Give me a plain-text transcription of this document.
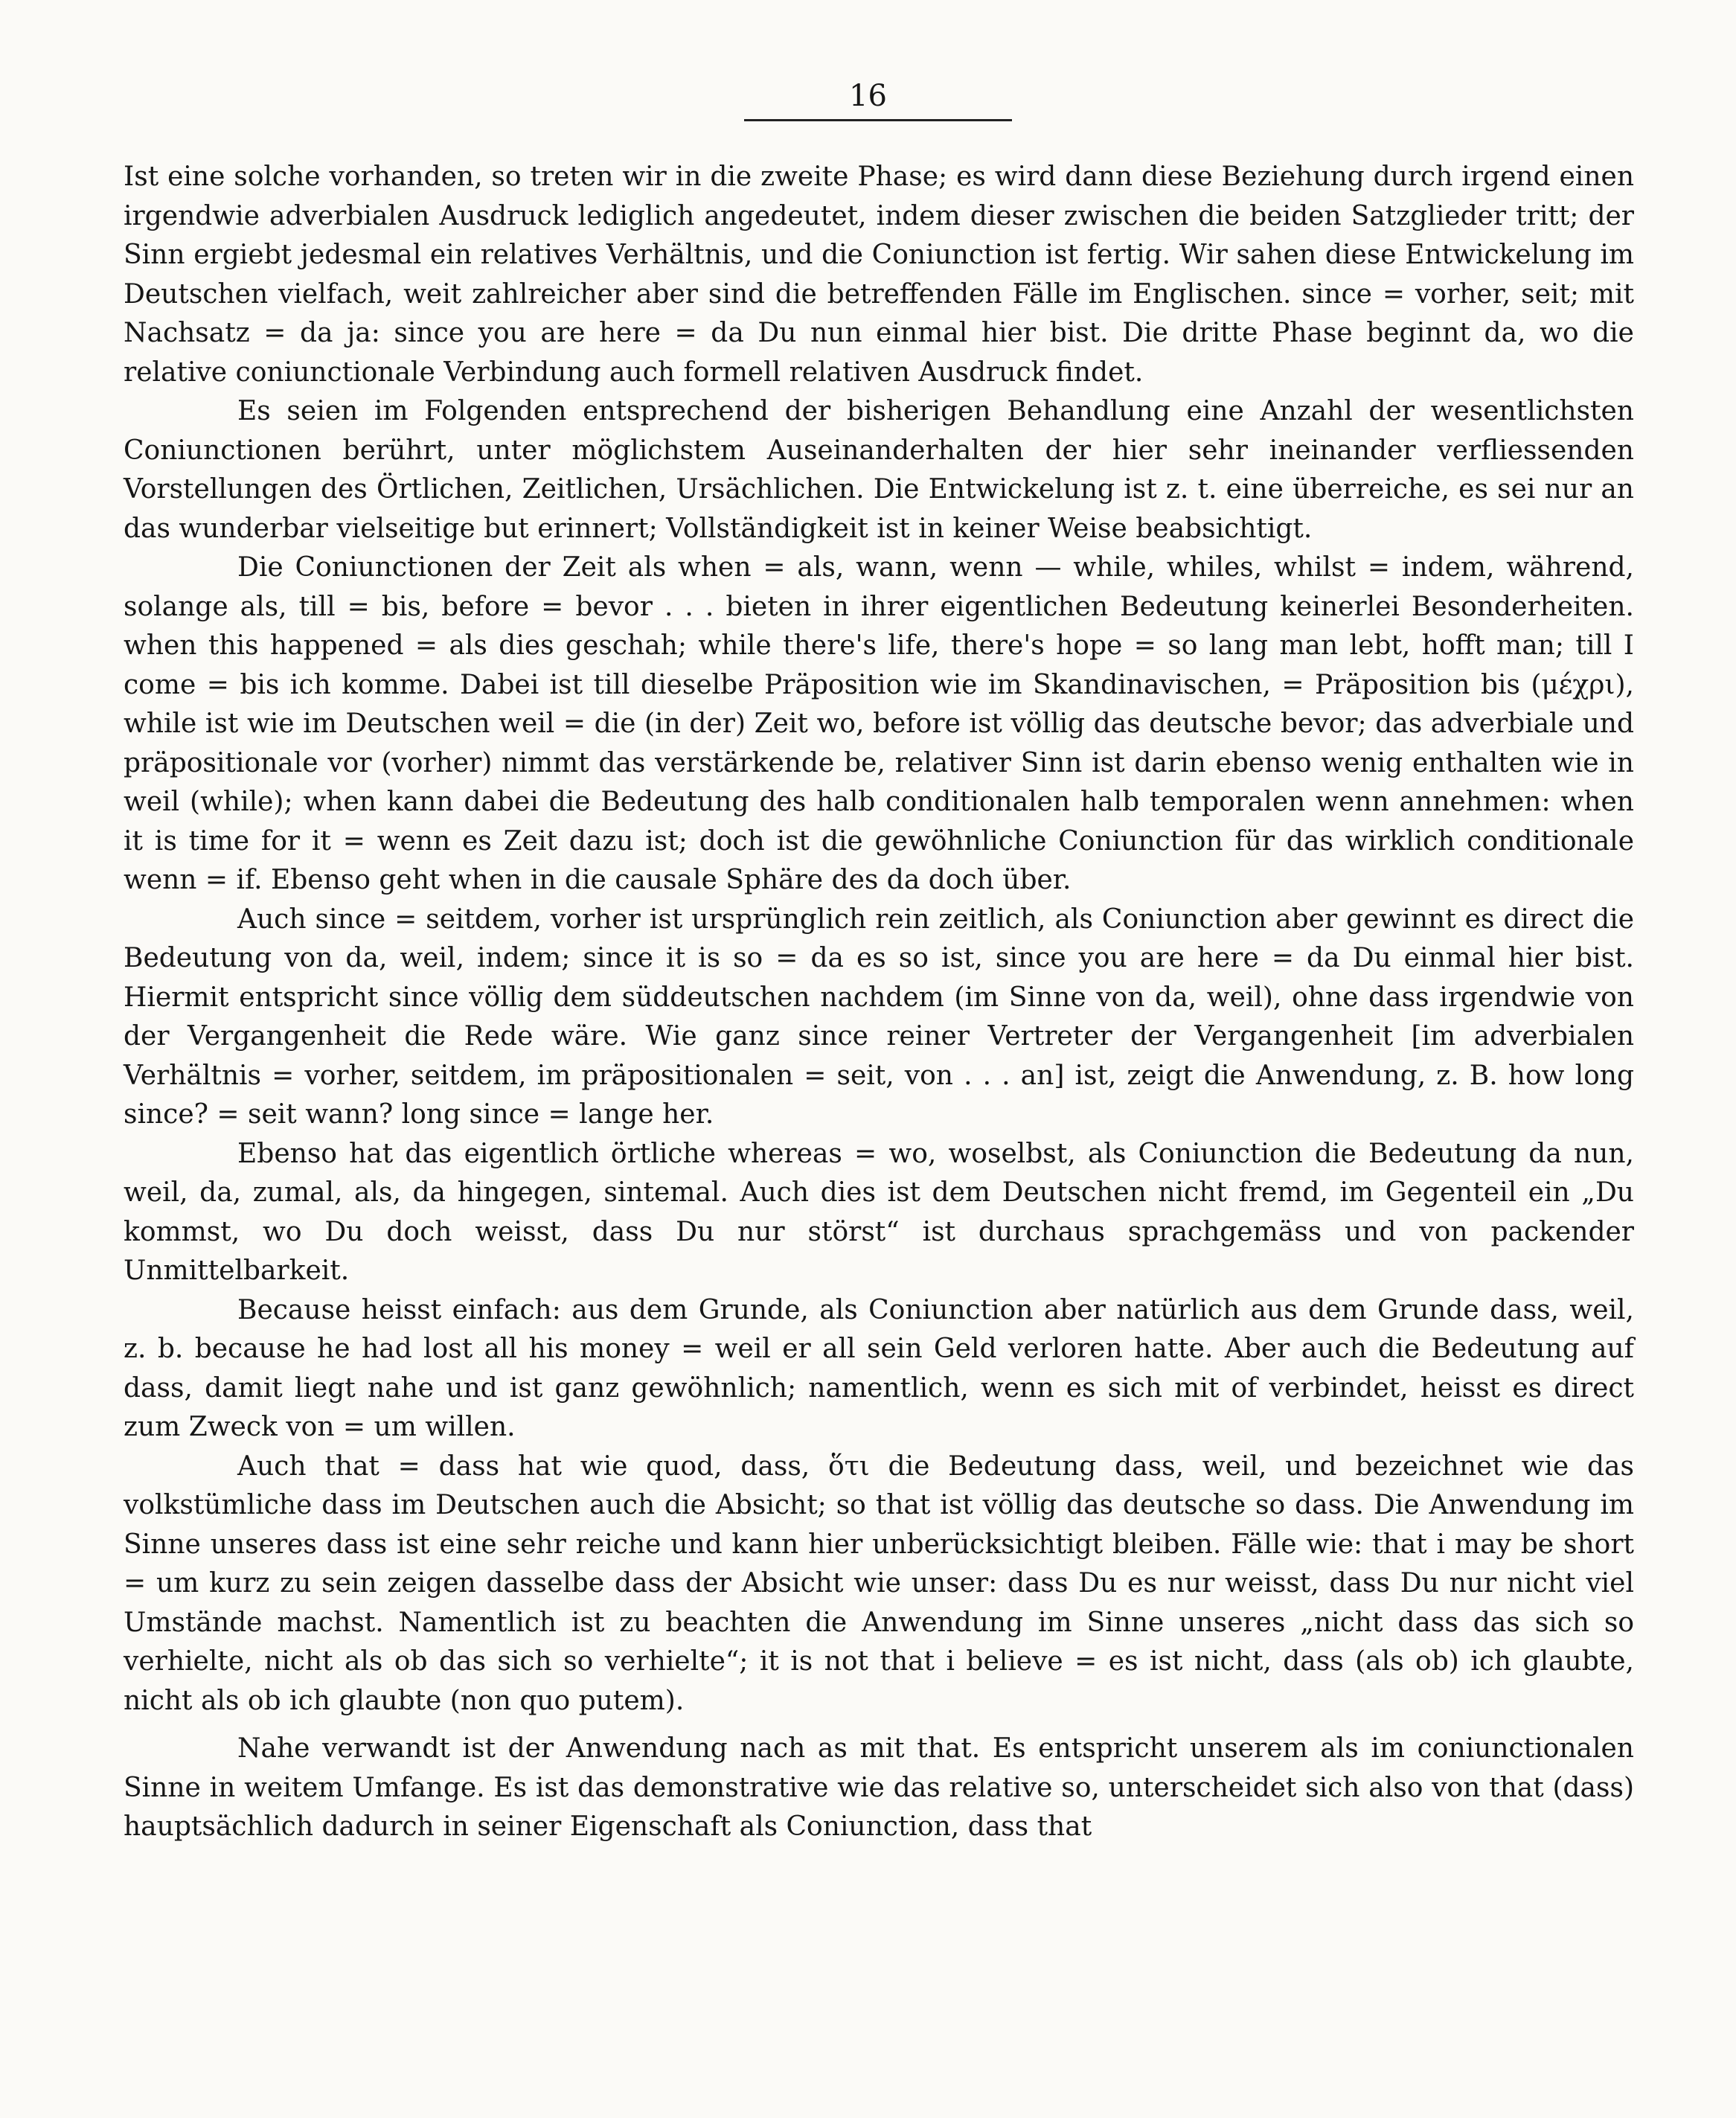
16

Ist eine solche vorhanden, so treten wir in die zweite Phase; es wird dann diese Beziehung durch irgend einen irgendwie adverbialen Ausdruck lediglich angedeutet, indem dieser zwischen die beiden Satzglieder tritt; der Sinn ergiebt jedesmal ein relatives Verhältnis, und die Coniunction ist fertig. Wir sahen diese Entwickelung im Deutschen vielfach, weit zahlreicher aber sind die betreffenden Fälle im Englischen. since = vorher, seit; mit Nachsatz = da ja: since you are here = da Du nun einmal hier bist. Die dritte Phase beginnt da, wo die relative coniunctionale Verbindung auch formell relativen Ausdruck findet.

Es seien im Folgenden entsprechend der bisherigen Behandlung eine Anzahl der wesentlichsten Coniunctionen berührt, unter möglichstem Auseinanderhalten der hier sehr ineinander verfliessenden Vorstellungen des Örtlichen, Zeitlichen, Ursächlichen. Die Entwickelung ist z. t. eine überreiche, es sei nur an das wunderbar vielseitige but erinnert; Vollständigkeit ist in keiner Weise beabsichtigt.

Die Coniunctionen der Zeit als when = als, wann, wenn — while, whiles, whilst = indem, während, solange als, till = bis, before = bevor . . . bieten in ihrer eigentlichen Bedeutung keinerlei Besonderheiten. when this happened = als dies geschah; while there's life, there's hope = so lang man lebt, hofft man; till I come = bis ich komme. Dabei ist till dieselbe Präposition wie im Skandinavischen, = Präposition bis (μέχρι), while ist wie im Deutschen weil = die (in der) Zeit wo, before ist völlig das deutsche bevor; das adverbiale und präpositionale vor (vorher) nimmt das verstärkende be, relativer Sinn ist darin ebenso wenig enthalten wie in weil (while); when kann dabei die Bedeutung des halb conditionalen halb temporalen wenn annehmen: when it is time for it = wenn es Zeit dazu ist; doch ist die gewöhnliche Coniunction für das wirklich conditionale wenn = if. Ebenso geht when in die causale Sphäre des da doch über.

Auch since = seitdem, vorher ist ursprünglich rein zeitlich, als Coniunction aber gewinnt es direct die Bedeutung von da, weil, indem; since it is so = da es so ist, since you are here = da Du einmal hier bist. Hiermit entspricht since völlig dem süddeutschen nachdem (im Sinne von da, weil), ohne dass irgendwie von der Vergangenheit die Rede wäre. Wie ganz since reiner Vertreter der Vergangenheit [im adverbialen Verhältnis = vorher, seitdem, im präpositionalen = seit, von . . . an] ist, zeigt die Anwendung, z. B. how long since? = seit wann? long since = lange her.

Ebenso hat das eigentlich örtliche whereas = wo, woselbst, als Coniunction die Bedeutung da nun, weil, da, zumal, als, da hingegen, sintemal. Auch dies ist dem Deutschen nicht fremd, im Gegenteil ein „Du kommst, wo Du doch weisst, dass Du nur störst“ ist durchaus sprachgemäss und von packender Unmittelbarkeit.

Because heisst einfach: aus dem Grunde, als Coniunction aber natürlich aus dem Grunde dass, weil, z. b. because he had lost all his money = weil er all sein Geld verloren hatte. Aber auch die Bedeutung auf dass, damit liegt nahe und ist ganz gewöhnlich; namentlich, wenn es sich mit of verbindet, heisst es direct zum Zweck von = um willen.

Auch that = dass hat wie quod, dass, ὅτι die Bedeutung dass, weil, und bezeichnet wie das volkstümliche dass im Deutschen auch die Absicht; so that ist völlig das deutsche so dass. Die Anwendung im Sinne unseres dass ist eine sehr reiche und kann hier unberücksichtigt bleiben. Fälle wie: that i may be short = um kurz zu sein zeigen dasselbe dass der Absicht wie unser: dass Du es nur weisst, dass Du nur nicht viel Umstände machst. Namentlich ist zu beachten die Anwendung im Sinne unseres „nicht dass das sich so verhielte, nicht als ob das sich so verhielte“; it is not that i believe = es ist nicht, dass (als ob) ich glaubte, nicht als ob ich glaubte (non quo putem).

Nahe verwandt ist der Anwendung nach as mit that. Es entspricht unserem als im coniunctionalen Sinne in weitem Umfange. Es ist das demonstrative wie das relative so, unterscheidet sich also von that (dass) hauptsächlich dadurch in seiner Eigenschaft als Coniunction, dass that
